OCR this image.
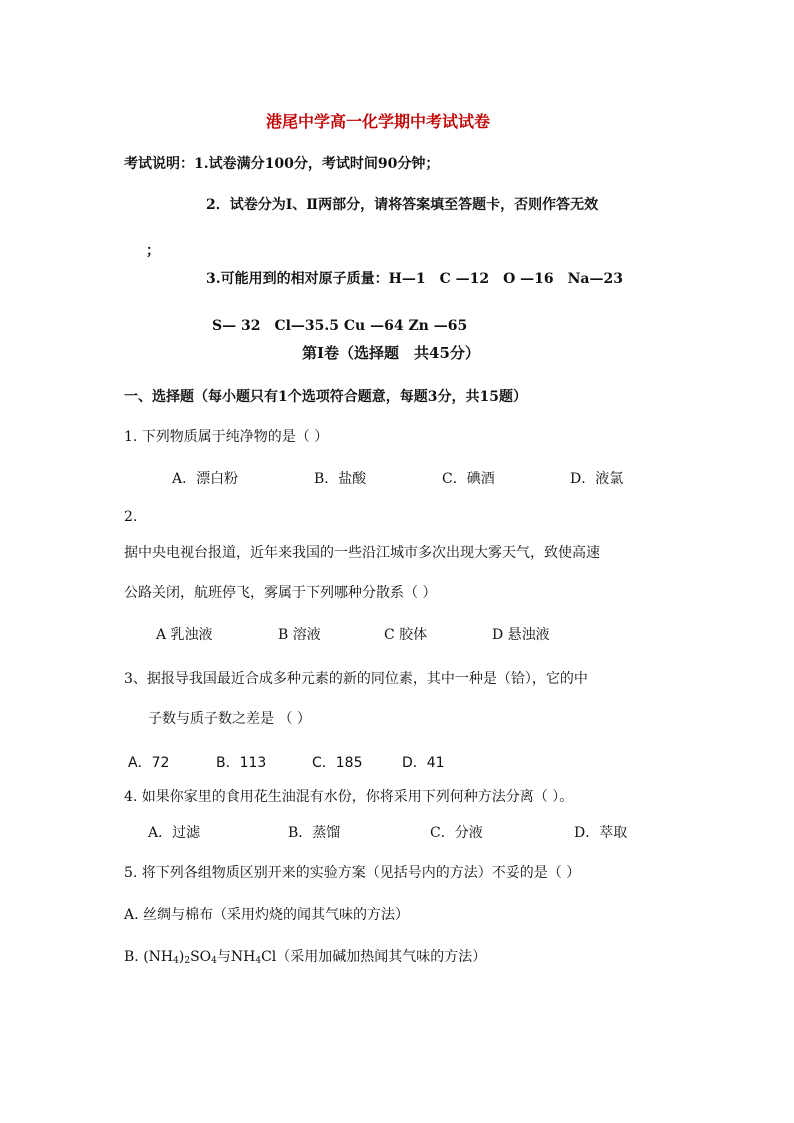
港尾中学高一化学期中考试试卷
考试说明：1.试卷满分100分，考试时间90分钟；
2．试卷分为Ⅰ、Ⅱ两部分，请将答案填至答题卡，否则作答无效
；
3.可能用到的相对原子质量：H—1　C —12　O —16　Na—23
S— 32　Cl—35.5 Cu —64 Zn —65
第Ⅰ卷（选择题　共45分）
一、选择题（每小题只有1个选项符合题意，每题3分，共15题）
1. 下列物质属于纯净物的是（ ）
A．漂白粉	B．盐酸	C．碘酒	D．液氯
2.
据中央电视台报道，近年来我国的一些沿江城市多次出现大雾天气，致使高速
公路关闭，航班停飞，雾属于下列哪种分散系（ ）
A 乳浊液	B 溶液	C 胶体	D 悬浊液
3、据报导我国最近合成多种元素的新的同位素，其中一种是（铪），它的中
子数与质子数之差是 （ ）
A．72	B．113	C．185	D．41
4. 如果你家里的食用花生油混有水份，你将采用下列何种方法分离（ ）。
A．过滤	B．蒸馏	C．分液	D．萃取
5. 将下列各组物质区别开来的实验方案（见括号内的方法）不妥的是（ ）
A. 丝绸与棉布（采用灼烧的闻其气味的方法）
B. $(NH_4)_2SO_4$与$NH_4Cl$（采用加碱加热闻其气味的方法）
